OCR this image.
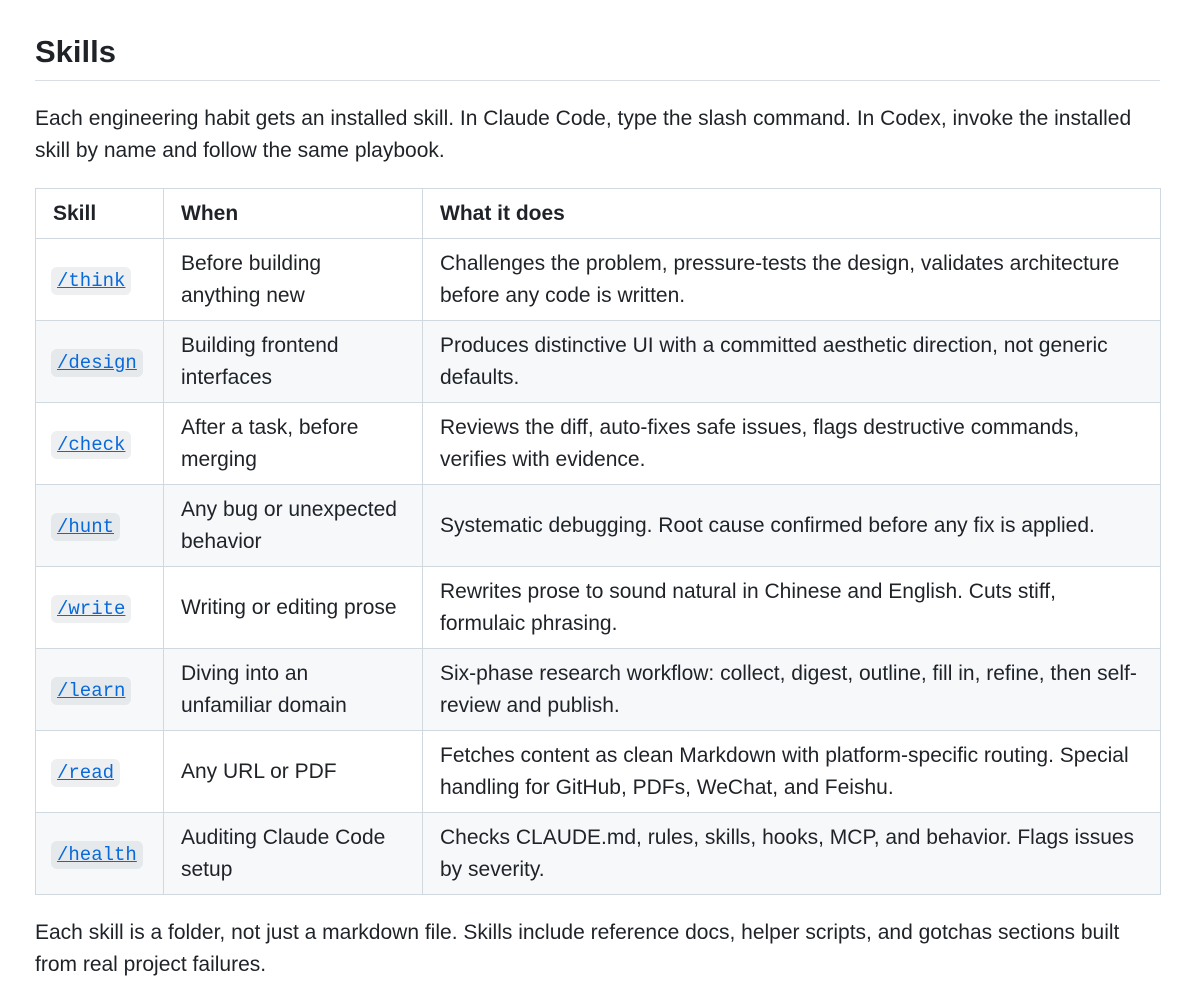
Skills

Each engineering habit gets an installed skill. In Claude Code, type the slash command. In Codex, invoke the installed skill by name and follow the same playbook.

Skill	When	What it does
/think	Before building anything new	Challenges the problem, pressure-tests the design, validates architecture before any code is written.
/design	Building frontend interfaces	Produces distinctive UI with a committed aesthetic direction, not generic defaults.
/check	After a task, before merging	Reviews the diff, auto-fixes safe issues, flags destructive commands, verifies with evidence.
/hunt	Any bug or unexpected behavior	Systematic debugging. Root cause confirmed before any fix is applied.
/write	Writing or editing prose	Rewrites prose to sound natural in Chinese and English. Cuts stiff, formulaic phrasing.
/learn	Diving into an unfamiliar domain	Six-phase research workflow: collect, digest, outline, fill in, refine, then self-review and publish.
/read	Any URL or PDF	Fetches content as clean Markdown with platform-specific routing. Special handling for GitHub, PDFs, WeChat, and Feishu.
/health	Auditing Claude Code setup	Checks CLAUDE.md, rules, skills, hooks, MCP, and behavior. Flags issues by severity.

Each skill is a folder, not just a markdown file. Skills include reference docs, helper scripts, and gotchas sections built from real project failures.
